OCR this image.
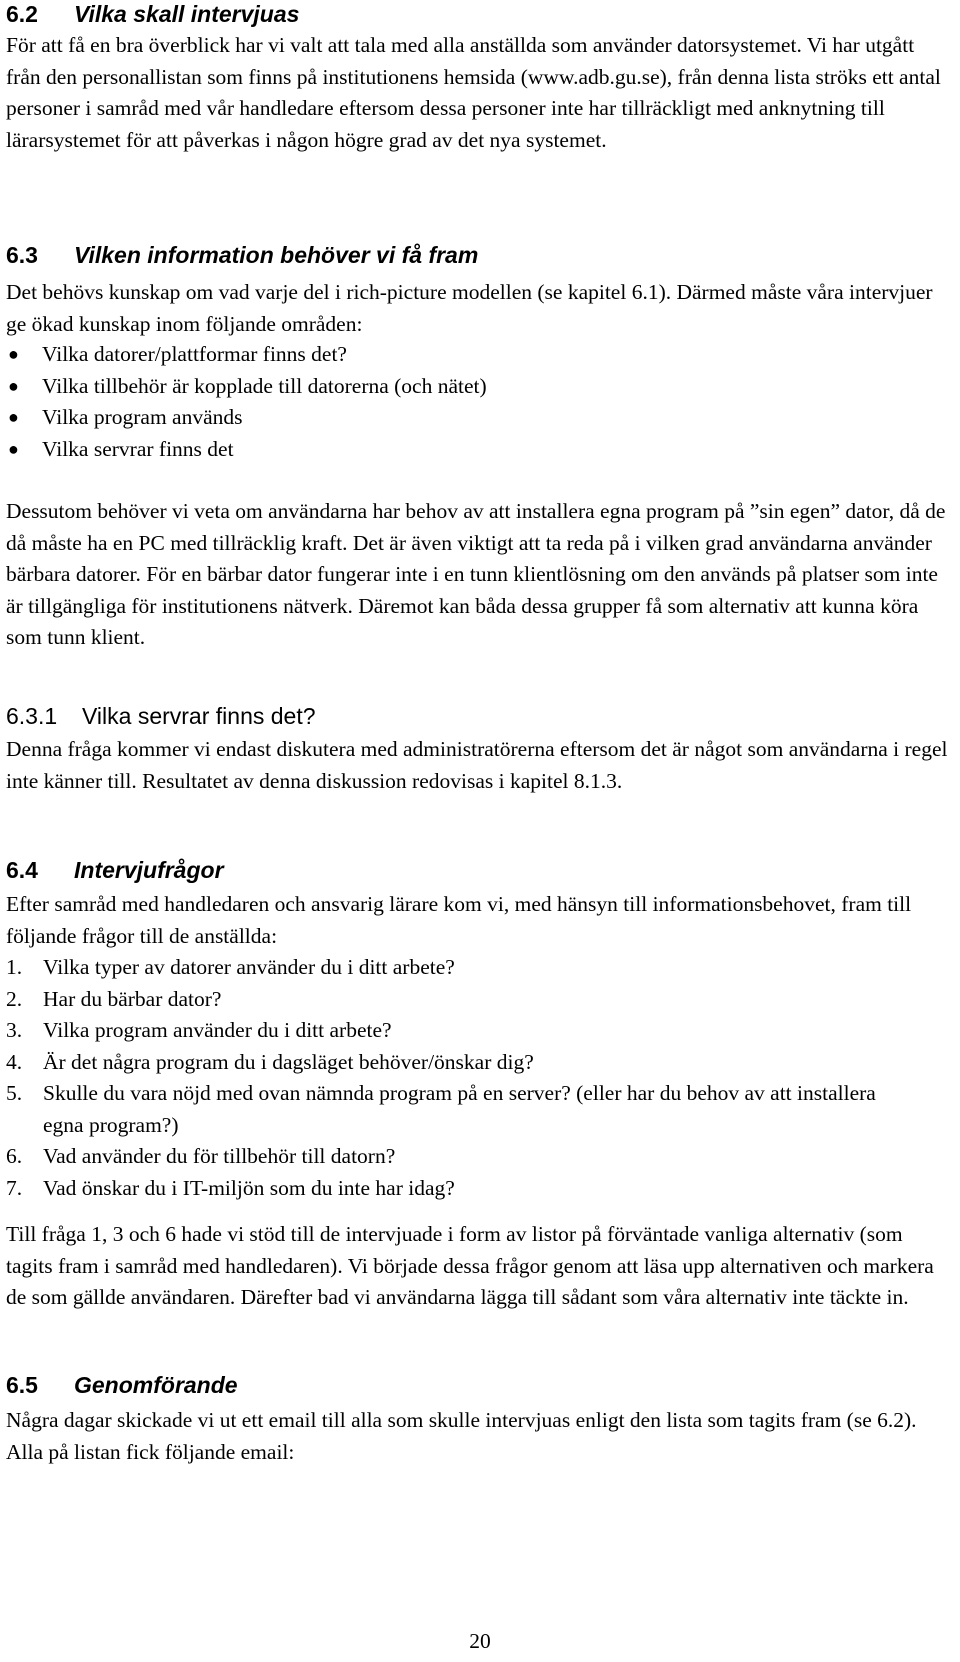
6.2 Vilka skall intervjuas

För att få en bra överblick har vi valt att tala med alla anställda som använder datorsystemet. Vi har utgått från den personallistan som finns på institutionens hemsida (www.adb.gu.se), från denna lista ströks ett antal personer i samråd med vår handledare eftersom dessa personer inte har tillräckligt med anknytning till lärarsystemet för att påverkas i någon högre grad av det nya systemet.

6.3 Vilken information behöver vi få fram

Det behövs kunskap om vad varje del i rich-picture modellen (se kapitel 6.1). Därmed måste våra intervjuer ge ökad kunskap inom följande områden:

● Vilka datorer/plattformar finns det?
● Vilka tillbehör är kopplade till datorerna (och nätet)
● Vilka program används
● Vilka servrar finns det

Dessutom behöver vi veta om användarna har behov av att installera egna program på ”sin egen” dator, då de då måste ha en PC med tillräcklig kraft. Det är även viktigt att ta reda på i vilken grad användarna använder bärbara datorer. För en bärbar dator fungerar inte i en tunn klientlösning om den används på platser som inte är tillgängliga för institutionens nätverk. Däremot kan båda dessa grupper få som alternativ att kunna köra som tunn klient.

6.3.1 Vilka servrar finns det?

Denna fråga kommer vi endast diskutera med administratörerna eftersom det är något som användarna i regel inte känner till. Resultatet av denna diskussion redovisas i kapitel 8.1.3.

6.4 Intervjufrågor

Efter samråd med handledaren och ansvarig lärare kom vi, med hänsyn till informationsbehovet, fram till följande frågor till de anställda:

1. Vilka typer av datorer använder du i ditt arbete?
2. Har du bärbar dator?
3. Vilka program använder du i ditt arbete?
4. Är det några program du i dagsläget behöver/önskar dig?
5. Skulle du vara nöjd med ovan nämnda program på en server? (eller har du behov av att installera egna program?)
6. Vad använder du för tillbehör till datorn?
7. Vad önskar du i IT-miljön som du inte har idag?

Till fråga 1, 3 och 6 hade vi stöd till de intervjuade i form av listor på förväntade vanliga alternativ (som tagits fram i samråd med handledaren). Vi började dessa frågor genom att läsa upp alternativen och markera de som gällde användaren. Därefter bad vi användarna lägga till sådant som våra alternativ inte täckte in.

6.5 Genomförande

Några dagar skickade vi ut ett email till alla som skulle intervjuas enligt den lista som tagits fram (se 6.2). Alla på listan fick följande email:

20
